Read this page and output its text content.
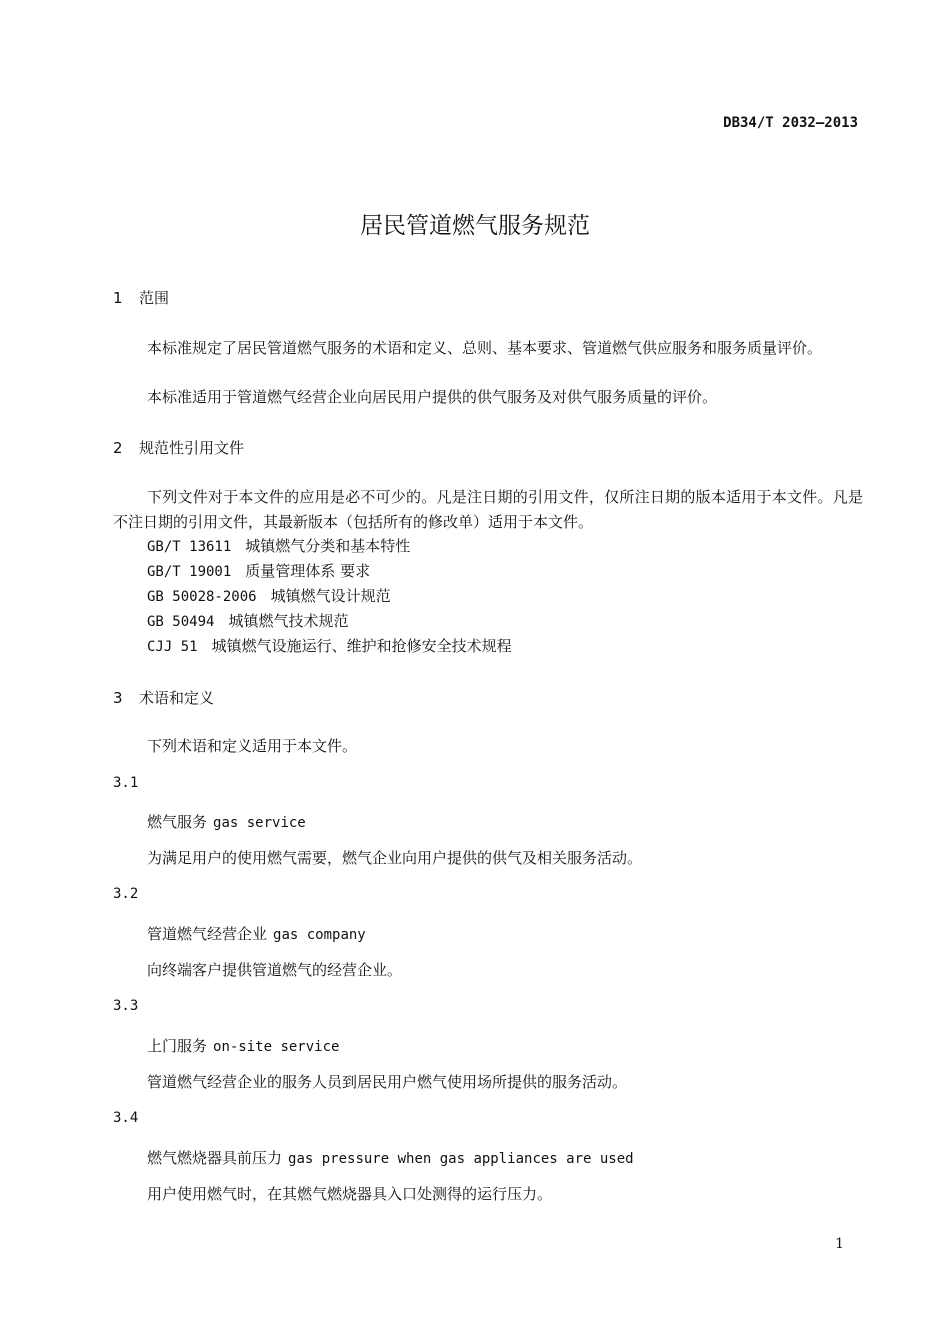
DB34/T 2032—2013
居民管道燃气服务规范
1 范围
本标准规定了居民管道燃气服务的术语和定义、总则、基本要求、管道燃气供应服务和服务质量评价。
本标准适用于管道燃气经营企业向居民用户提供的供气服务及对供气服务质量的评价。
2 规范性引用文件
下列文件对于本文件的应用是必不可少的。凡是注日期的引用文件，仅所注日期的版本适用于本文件。凡是不注日期的引用文件，其最新版本（包括所有的修改单）适用于本文件。
GB/T 13611 城镇燃气分类和基本特性
GB/T 19001 质量管理体系 要求
GB 50028-2006 城镇燃气设计规范
GB 50494 城镇燃气技术规范
CJJ 51 城镇燃气设施运行、维护和抢修安全技术规程
3 术语和定义
下列术语和定义适用于本文件。
3.1
燃气服务 gas service
为满足用户的使用燃气需要，燃气企业向用户提供的供气及相关服务活动。
3.2
管道燃气经营企业 gas company
向终端客户提供管道燃气的经营企业。
3.3
上门服务 on-site service
管道燃气经营企业的服务人员到居民用户燃气使用场所提供的服务活动。
3.4
燃气燃烧器具前压力 gas pressure when gas appliances are used
用户使用燃气时，在其燃气燃烧器具入口处测得的运行压力。
1
